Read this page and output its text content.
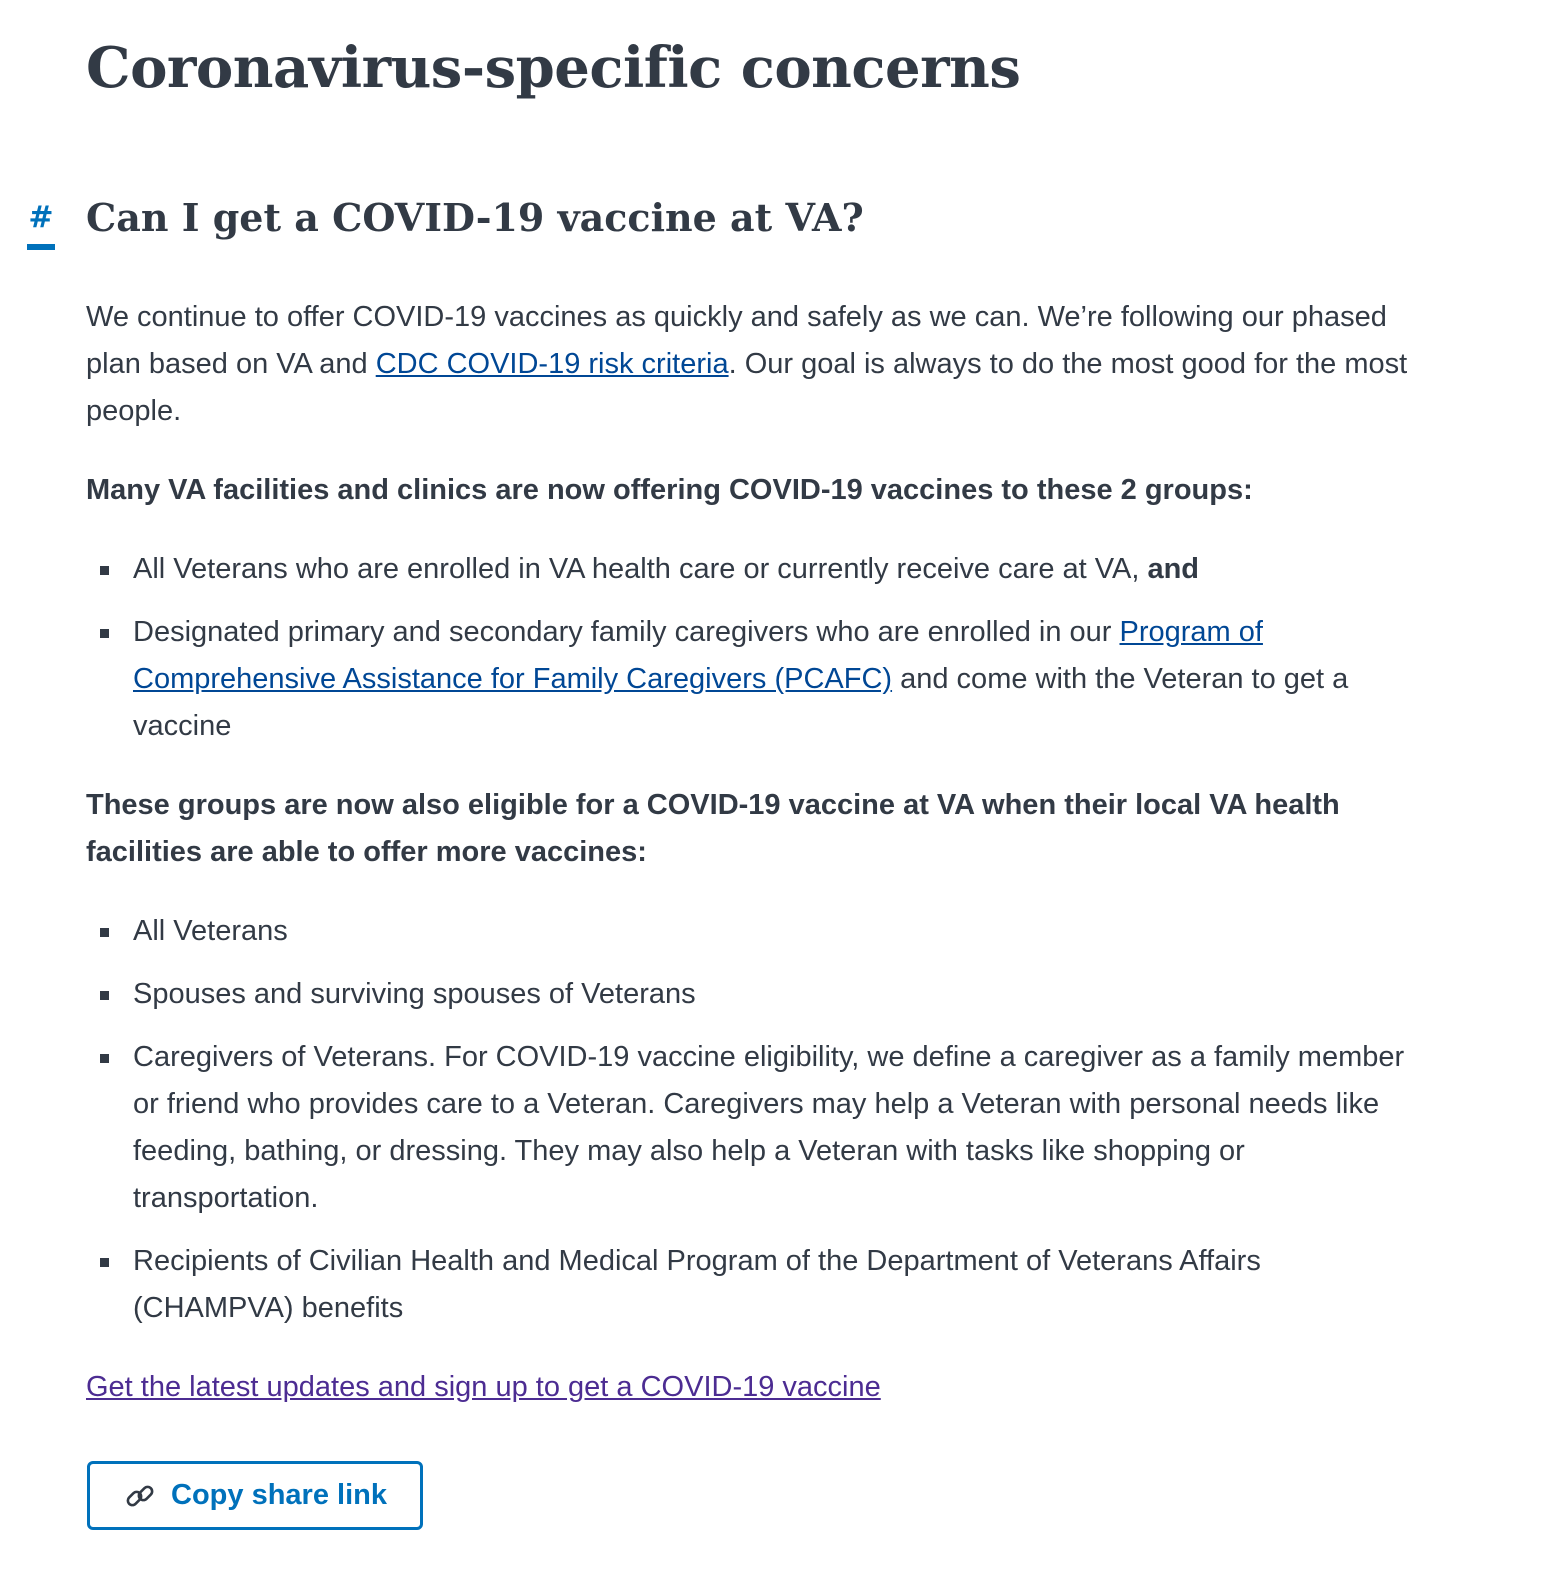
Coronavirus-specific concerns
# Can I get a COVID-19 vaccine at VA?

We continue to offer COVID-19 vaccines as quickly and safely as we can. We’re following our phased plan based on VA and CDC COVID-19 risk criteria. Our goal is always to do the most good for the most people.

Many VA facilities and clinics are now offering COVID-19 vaccines to these 2 groups:

All Veterans who are enrolled in VA health care or currently receive care at VA, and
Designated primary and secondary family caregivers who are enrolled in our Program of Comprehensive Assistance for Family Caregivers (PCAFC) and come with the Veteran to get a vaccine

These groups are now also eligible for a COVID-19 vaccine at VA when their local VA health facilities are able to offer more vaccines:

All Veterans
Spouses and surviving spouses of Veterans
Caregivers of Veterans. For COVID-19 vaccine eligibility, we define a caregiver as a family member or friend who provides care to a Veteran. Caregivers may help a Veteran with personal needs like feeding, bathing, or dressing. They may also help a Veteran with tasks like shopping or transportation.
Recipients of Civilian Health and Medical Program of the Department of Veterans Affairs (CHAMPVA) benefits
Get the latest updates and sign up to get a COVID-19 vaccine
Copy share link
